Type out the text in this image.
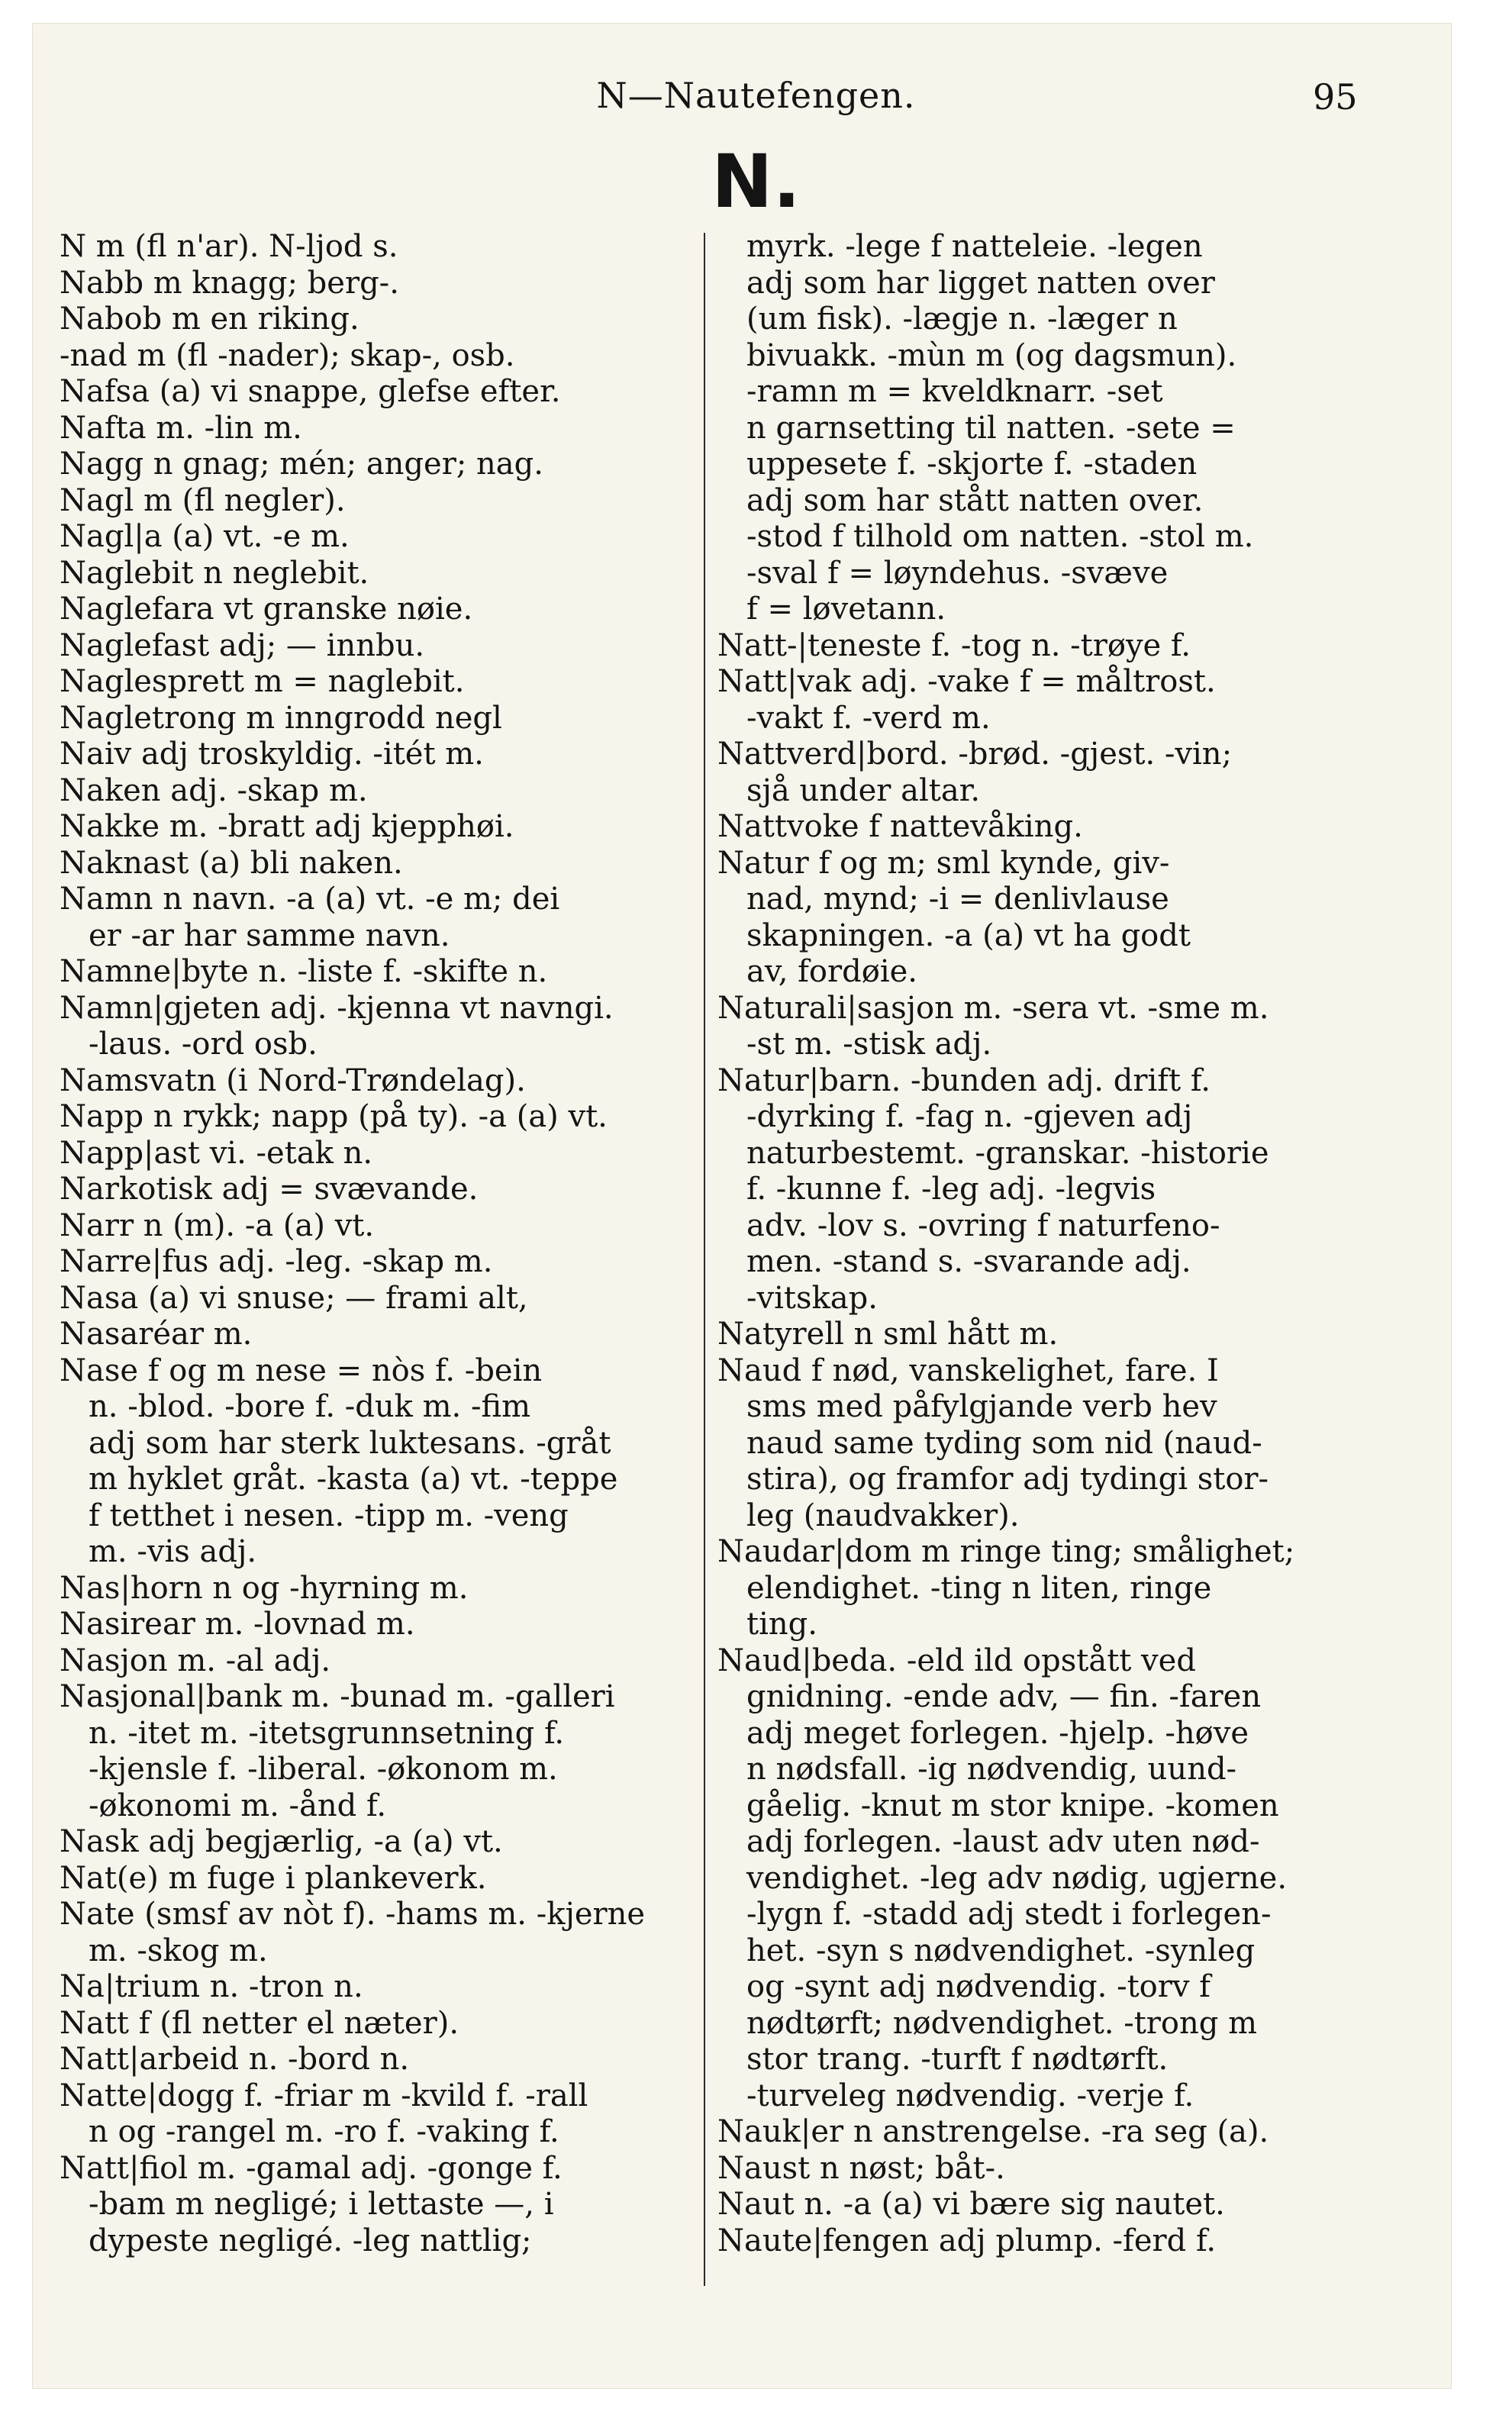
N—Nautefengen.	95
N.
N m (fl n'ar). N-ljod s.
Nabb m knagg; berg-.
Nabob m en riking.
-nad m (fl -nader); skap-, osb.
Nafsa (a) vi snappe, glefse efter.
Nafta m. -lin m.
Nagg n gnag; mén; anger; nag.
Nagl m (fl negler).
Nagl|a (a) vt. -e m.
Naglebit n neglebit.
Naglefara vt granske nøie.
Naglefast adj; — innbu.
Naglesprett m = naglebit.
Nagletrong m inngrodd negl
Naiv adj troskyldig. -itét m.
Naken adj. -skap m.
Nakke m. -bratt adj kjepphøi.
Naknast (a) bli naken.
Namn n navn. -a (a) vt. -e m; dei
er -ar har samme navn.
Namne|byte n. -liste f. -skifte n.
Namn|gjeten adj. -kjenna vt navngi.
-laus. -ord osb.
Namsvatn (i Nord-Trøndelag).
Napp n rykk; napp (på ty). -a (a) vt.
Napp|ast vi. -etak n.
Narkotisk adj = svævande.
Narr n (m). -a (a) vt.
Narre|fus adj. -leg. -skap m.
Nasa (a) vi snuse; — frami alt,
Nasaréar m.
Nase f og m nese = nòs f. -bein
n. -blod. -bore f. -duk m. -fim
adj som har sterk luktesans. -gråt
m hyklet gråt. -kasta (a) vt. -teppe
f tetthet i nesen. -tipp m. -veng
m. -vis adj.
Nas|horn n og -hyrning m.
Nasirear m. -lovnad m.
Nasjon m. -al adj.
Nasjonal|bank m. -bunad m. -galleri
n. -itet m. -itetsgrunnsetning f.
-kjensle f. -liberal. -økonom m.
-økonomi m. -ånd f.
Nask adj begjærlig, -a (a) vt.
Nat(e) m fuge i plankeverk.
Nate (smsf av nòt f). -hams m. -kjerne
m. -skog m.
Na|trium n. -tron n.
Natt f (fl netter el næter).
Natt|arbeid n. -bord n.
Natte|dogg f. -friar m -kvild f. -rall
n og -rangel m. -ro f. -vaking f.
Natt|fiol m. -gamal adj. -gonge f.
-bam m negligé; i lettaste —, i
dypeste negligé. -leg nattlig;
myrk. -lege f natteleie. -legen
adj som har ligget natten over
(um fisk). -lægje n. -læger n
bivuakk. -mùn m (og dagsmun).
-ramn m = kveldknarr. -set
n garnsetting til natten. -sete =
uppesete f. -skjorte f. -staden
adj som har stått natten over.
-stod f tilhold om natten. -stol m.
-sval f = løyndehus. -svæve
f = løvetann.
Natt-|teneste f. -tog n. -trøye f.
Natt|vak adj. -vake f = måltrost.
-vakt f. -verd m.
Nattverd|bord. -brød. -gjest. -vin;
sjå under altar.
Nattvoke f nattevåking.
Natur f og m; sml kynde, giv-
nad, mynd; -i = denlivlause
skapningen. -a (a) vt ha godt
av, fordøie.
Naturali|sasjon m. -sera vt. -sme m.
-st m. -stisk adj.
Natur|barn. -bunden adj. drift f.
-dyrking f. -fag n. -gjeven adj
naturbestemt. -granskar. -historie
f. -kunne f. -leg adj. -legvis
adv. -lov s. -ovring f naturfeno-
men. -stand s. -svarande adj.
-vitskap.
Natyrell n sml hått m.
Naud f nød, vanskelighet, fare. I
sms med påfylgjande verb hev
naud same tyding som nid (naud-
stira), og framfor adj tydingi stor-
leg (naudvakker).
Naudar|dom m ringe ting; smålighet;
elendighet. -ting n liten, ringe
ting.
Naud|beda. -eld ild opstått ved
gnidning. -ende adv, — fin. -faren
adj meget forlegen. -hjelp. -høve
n nødsfall. -ig nødvendig, uund-
gåelig. -knut m stor knipe. -komen
adj forlegen. -laust adv uten nød-
vendighet. -leg adv nødig, ugjerne.
-lygn f. -stadd adj stedt i forlegen-
het. -syn s nødvendighet. -synleg
og -synt adj nødvendig. -torv f
nødtørft; nødvendighet. -trong m
stor trang. -turft f nødtørft.
-turveleg nødvendig. -verje f.
Nauk|er n anstrengelse. -ra seg (a).
Naust n nøst; båt-.
Naut n. -a (a) vi bære sig nautet.
Naute|fengen adj plump. -ferd f.
